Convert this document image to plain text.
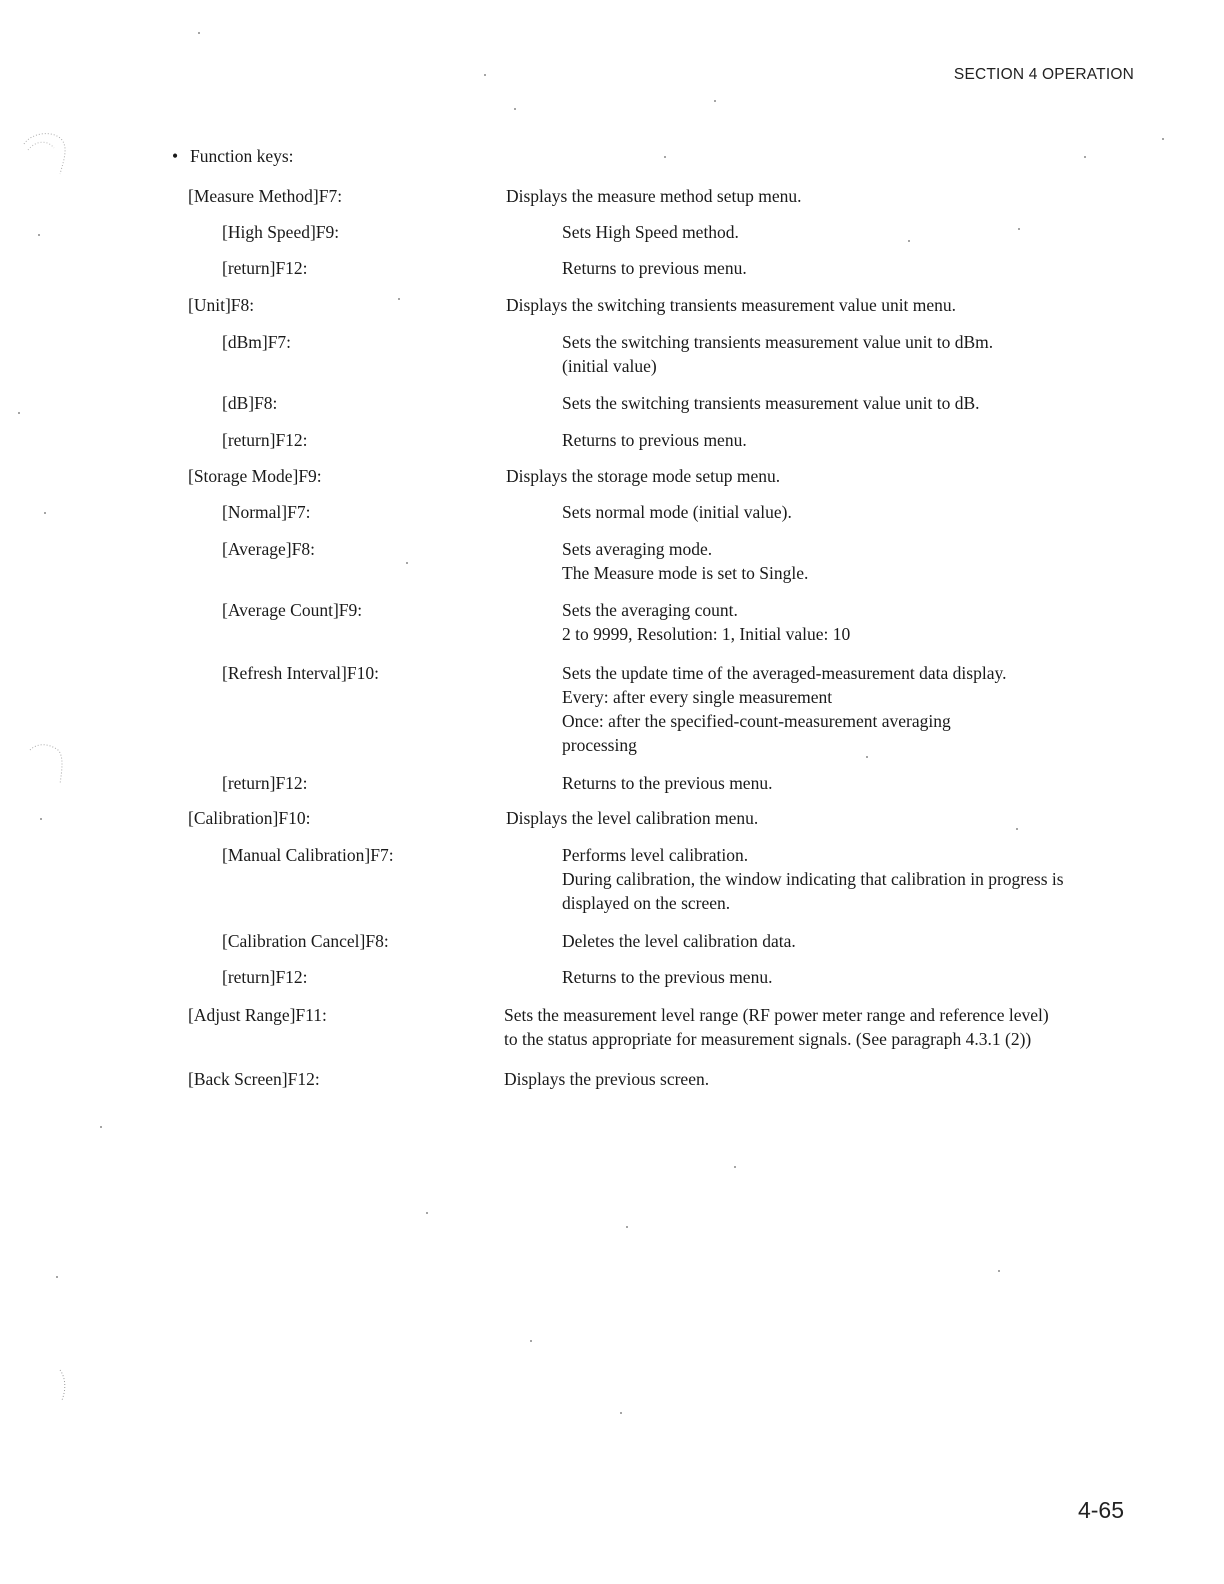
SECTION 4 OPERATION
• Function keys:
[Measure Method]F7:	Displays the measure method setup menu.
[High Speed]F9:	Sets High Speed method.
[return]F12:	Returns to previous menu.
[Unit]F8:	Displays the switching transients measurement value unit menu.
[dBm]F7:	Sets the switching transients measurement value unit to dBm.
(initial value)
[dB]F8:	Sets the switching transients measurement value unit to dB.
[return]F12:	Returns to previous menu.
[Storage Mode]F9:	Displays the storage mode setup menu.
[Normal]F7:	Sets normal mode (initial value).
[Average]F8:	Sets averaging mode.
The Measure mode is set to Single.
[Average Count]F9:	Sets the averaging count.
2 to 9999, Resolution: 1, Initial value: 10
[Refresh Interval]F10:	Sets the update time of the averaged-measurement data display.
Every: after every single measurement
Once: after the specified-count-measurement averaging
processing
[return]F12:	Returns to the previous menu.
[Calibration]F10:	Displays the level calibration menu.
[Manual Calibration]F7:	Performs level calibration.
During calibration, the window indicating that calibration in progress is
displayed on the screen.
[Calibration Cancel]F8:	Deletes the level calibration data.
[return]F12:	Returns to the previous menu.
[Adjust Range]F11:	Sets the measurement level range (RF power meter range and reference level)
to the status appropriate for measurement signals. (See paragraph 4.3.1 (2))
[Back Screen]F12:	Displays the previous screen.
4-65
